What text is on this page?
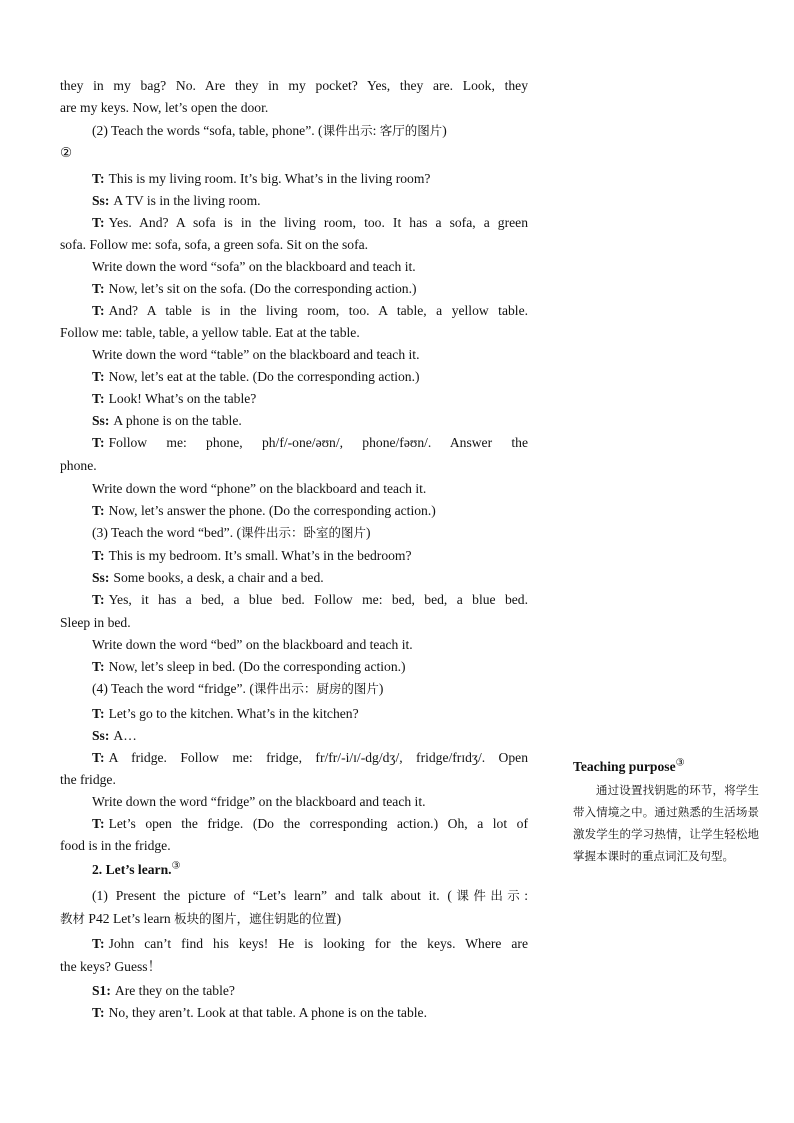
they in my bag? No. Are they in my pocket? Yes, they are. Look, they
are my keys. Now, let’s open the door.
(2) Teach the words “sofa, table, phone”. (课件出示: 客厅的图片)
②
T: This is my living room. It’s big. What’s in the living room?
Ss: A TV is in the living room.
T: Yes. And? A sofa is in the living room, too. It has a sofa, a green
sofa. Follow me: sofa, sofa, a green sofa. Sit on the sofa.
Write down the word “sofa” on the blackboard and teach it.
T: Now, let’s sit on the sofa. (Do the corresponding action.)
T: And? A table is in the living room, too. A table, a yellow table.
Follow me: table, table, a yellow table. Eat at the table.
Write down the word “table” on the blackboard and teach it.
T: Now, let’s eat at the table. (Do the corresponding action.)
T: Look! What’s on the table?
Ss: A phone is on the table.
T: Follow me: phone, ph/f/-one/əʊn/, phone/fəʊn/. Answer the
phone.
Write down the word “phone” on the blackboard and teach it.
T: Now, let’s answer the phone. (Do the corresponding action.)
(3) Teach the word “bed”. (课件出示：卧室的图片)
T: This is my bedroom. It’s small. What’s in the bedroom?
Ss: Some books, a desk, a chair and a bed.
T: Yes, it has a bed, a blue bed. Follow me: bed, bed, a blue bed.
Sleep in bed.
Write down the word “bed” on the blackboard and teach it.
T: Now, let’s sleep in bed. (Do the corresponding action.)
(4) Teach the word “fridge”. (课件出示：厨房的图片)
T: Let’s go to the kitchen. What’s in the kitchen?
Ss: A…
T: A fridge. Follow me: fridge, fr/fr/-i/ɪ/-dg/dʒ/, fridge/frɪdʒ/. Open
the fridge.
Write down the word “fridge” on the blackboard and teach it.
T: Let’s open the fridge. (Do the corresponding action.) Oh, a lot of
food is in the fridge.
2. Let’s learn.③
(1) Present the picture of “Let’s learn” and talk about it. (课件出示:
教材 P42 Let’s learn 板块的图片，遮住钥匙的位置)
T: John can’t find his keys! He is looking for the keys. Where are
the keys? Guess！
S1: Are they on the table?
T: No, they aren’t. Look at that table. A phone is on the table.
Teaching purpose③
通过设置找钥匙的环节，将学生带入情境之中。通过熟悉的生活场景激发学生的学习热情，让学生轻松地掌握本课时的重点词汇及句型。
